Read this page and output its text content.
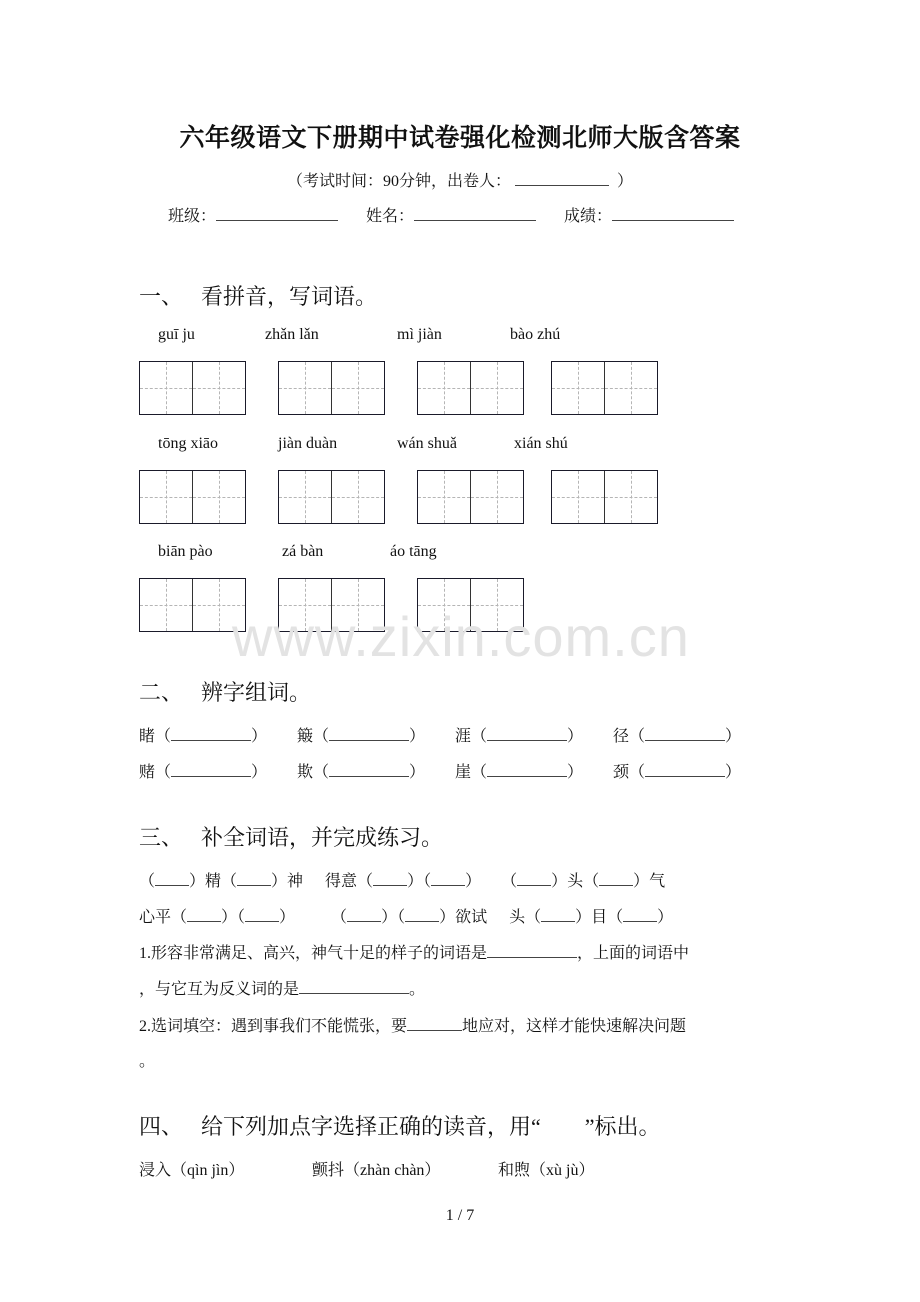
六年级语文下册期中试卷强化检测北师大版含答案
（考试时间：90分钟，出卷人：	）
班级：	姓名：	成绩：
一、 看拼音，写词语。
guī ju	zhǎn lǎn	mì jiàn	bào zhú
tōng xiāo	jiàn duàn	wán shuǎ	xián shú
biān pào	zá bàn	áo tāng
www.zixin.com.cn
二、 辨字组词。
睹（	） 簸（	） 涯（	） 径（	）
赌（	） 欺（	） 崖（	） 颈（	）
三、 补全词语，并完成练习。
（ ）精（ ）神 得意（ ）（ ） （ ）头（ ）气
心平（ ）（ ） （ ）（ ）欲试 头（ ）目（ ）
1.形容非常满足、高兴，神气十足的样子的词语是	，上面的词语中
，与它互为反义词的是	。
2.选词填空：遇到事我们不能慌张，要	地应对，这样才能快速解决问题
。
四、 给下列加点字选择正确的读音，用“ ”标出。
浸入（qìn jìn）	颤抖（zhàn chàn）	和煦（xù jù）
1 / 7
